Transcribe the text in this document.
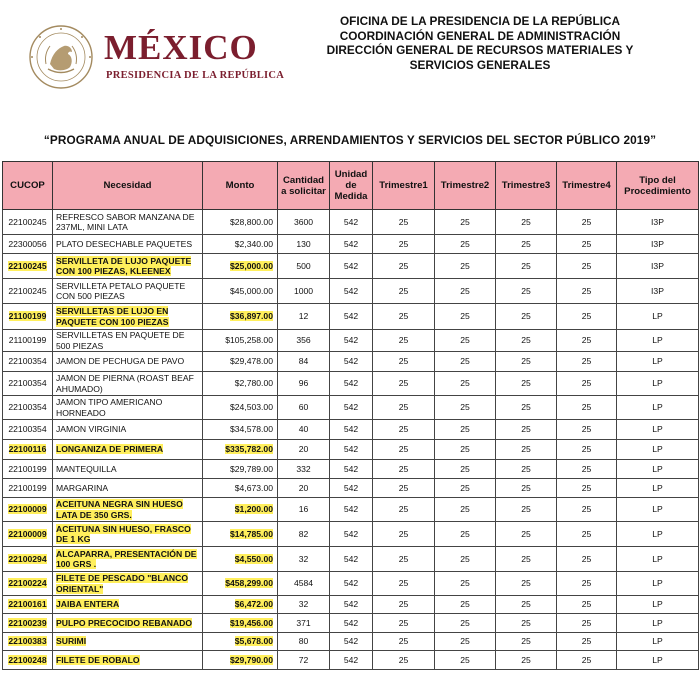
MÉXICO
PRESIDENCIA DE LA REPÚBLICA
OFICINA DE LA PRESIDENCIA DE LA REPÚBLICA
COORDINACIÓN GENERAL DE ADMINISTRACIÓN
DIRECCIÓN GENERAL DE RECURSOS MATERIALES Y
SERVICIOS GENERALES
“PROGRAMA ANUAL DE ADQUISICIONES, ARRENDAMIENTOS Y SERVICIOS DEL SECTOR PÚBLICO 2019”
CUCOP	Necesidad	Monto	Cantidad a solicitar	Unidad de Medida	Trimestre1	Trimestre2	Trimestre3	Trimestre4	Tipo del Procedimiento
22100245	REFRESCO SABOR MANZANA DE 237ML, MINI LATA	$28,800.00	3600	542	25	25	25	25	I3P
22300056	PLATO DESECHABLE PAQUETES	$2,340.00	130	542	25	25	25	25	I3P
22100245	SERVILLETA DE LUJO PAQUETE CON 100 PIEZAS, KLEENEX	$25,000.00	500	542	25	25	25	25	I3P
22100245	SERVILLETA PETALO PAQUETE CON 500 PIEZAS	$45,000.00	1000	542	25	25	25	25	I3P
21100199	SERVILLETAS DE LUJO EN PAQUETE CON 100 PIEZAS	$36,897.00	12	542	25	25	25	25	LP
21100199	SERVILLETAS EN PAQUETE DE 500 PIEZAS	$105,258.00	356	542	25	25	25	25	LP
22100354	JAMON DE PECHUGA DE PAVO	$29,478.00	84	542	25	25	25	25	LP
22100354	JAMON DE PIERNA (ROAST BEAF AHUMADO)	$2,780.00	96	542	25	25	25	25	LP
22100354	JAMON TIPO AMERICANO HORNEADO	$24,503.00	60	542	25	25	25	25	LP
22100354	JAMON VIRGINIA	$34,578.00	40	542	25	25	25	25	LP
22100116	LONGANIZA DE PRIMERA	$335,782.00	20	542	25	25	25	25	LP
22100199	MANTEQUILLA	$29,789.00	332	542	25	25	25	25	LP
22100199	MARGARINA	$4,673.00	20	542	25	25	25	25	LP
22100009	ACEITUNA NEGRA SIN HUESO LATA DE 350 GRS.	$1,200.00	16	542	25	25	25	25	LP
22100009	ACEITUNA SIN HUESO, FRASCO DE 1 KG	$14,785.00	82	542	25	25	25	25	LP
22100294	ALCAPARRA, PRESENTACIÓN DE 100 GRS .	$4,550.00	32	542	25	25	25	25	LP
22100224	FILETE DE PESCADO "BLANCO ORIENTAL"	$458,299.00	4584	542	25	25	25	25	LP
22100161	JAIBA ENTERA	$6,472.00	32	542	25	25	25	25	LP
22100239	PULPO PRECOCIDO REBANADO	$19,456.00	371	542	25	25	25	25	LP
22100383	SURIMI	$5,678.00	80	542	25	25	25	25	LP
22100248	FILETE DE ROBALO	$29,790.00	72	542	25	25	25	25	LP
